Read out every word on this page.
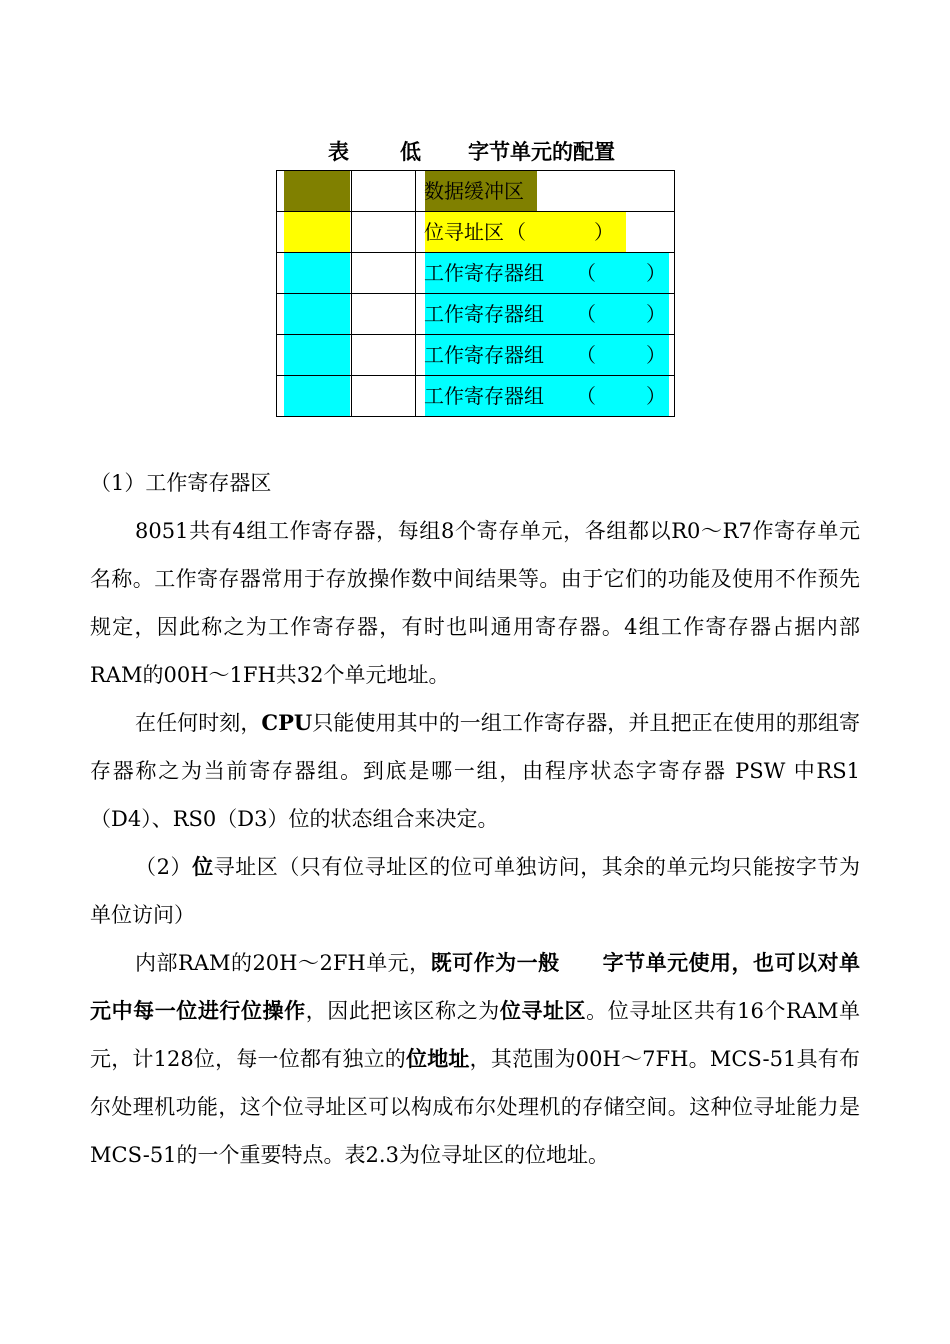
表

低

字节单元的配置

		数据缓冲区

		位寻址区 （ ）

		工作寄存器组 （ ）

		工作寄存器组 （ ）

		工作寄存器组 （ ）

		工作寄存器组 （ ）
（1）工作寄存器区
8051共有4组工作寄存器，每组8个寄存单元，各组都以R0～R7作寄存单元名称。工作寄存器常用于存放操作数中间结果等。由于它们的功能及使用不作预先规定，因此称之为工作寄存器，有时也叫通用寄存器。4组工作寄存器占据内部RAM的00H～1FH共32个单元地址。
在任何时刻，CPU只能使用其中的一组工作寄存器，并且把正在使用的那组寄存器称之为当前寄存器组。到底是哪一组，由程序状态字寄存器 PSW 中RS1（D4）、RS0（D3）位的状态组合来决定。
（2）位寻址区（只有位寻址区的位可单独访问，其余的单元均只能按字节为单位访问）
内部RAM的20H～2FH单元，既可作为一般　　字节单元使用，也可以对单元中每一位进行位操作，因此把该区称之为位寻址区。位寻址区共有16个RAM单元，计128位，每一位都有独立的位地址，其范围为00H～7FH。MCS-51具有布尔处理机功能，这个位寻址区可以构成布尔处理机的存储空间。这种位寻址能力是MCS-51的一个重要特点。表2.3为位寻址区的位地址。
